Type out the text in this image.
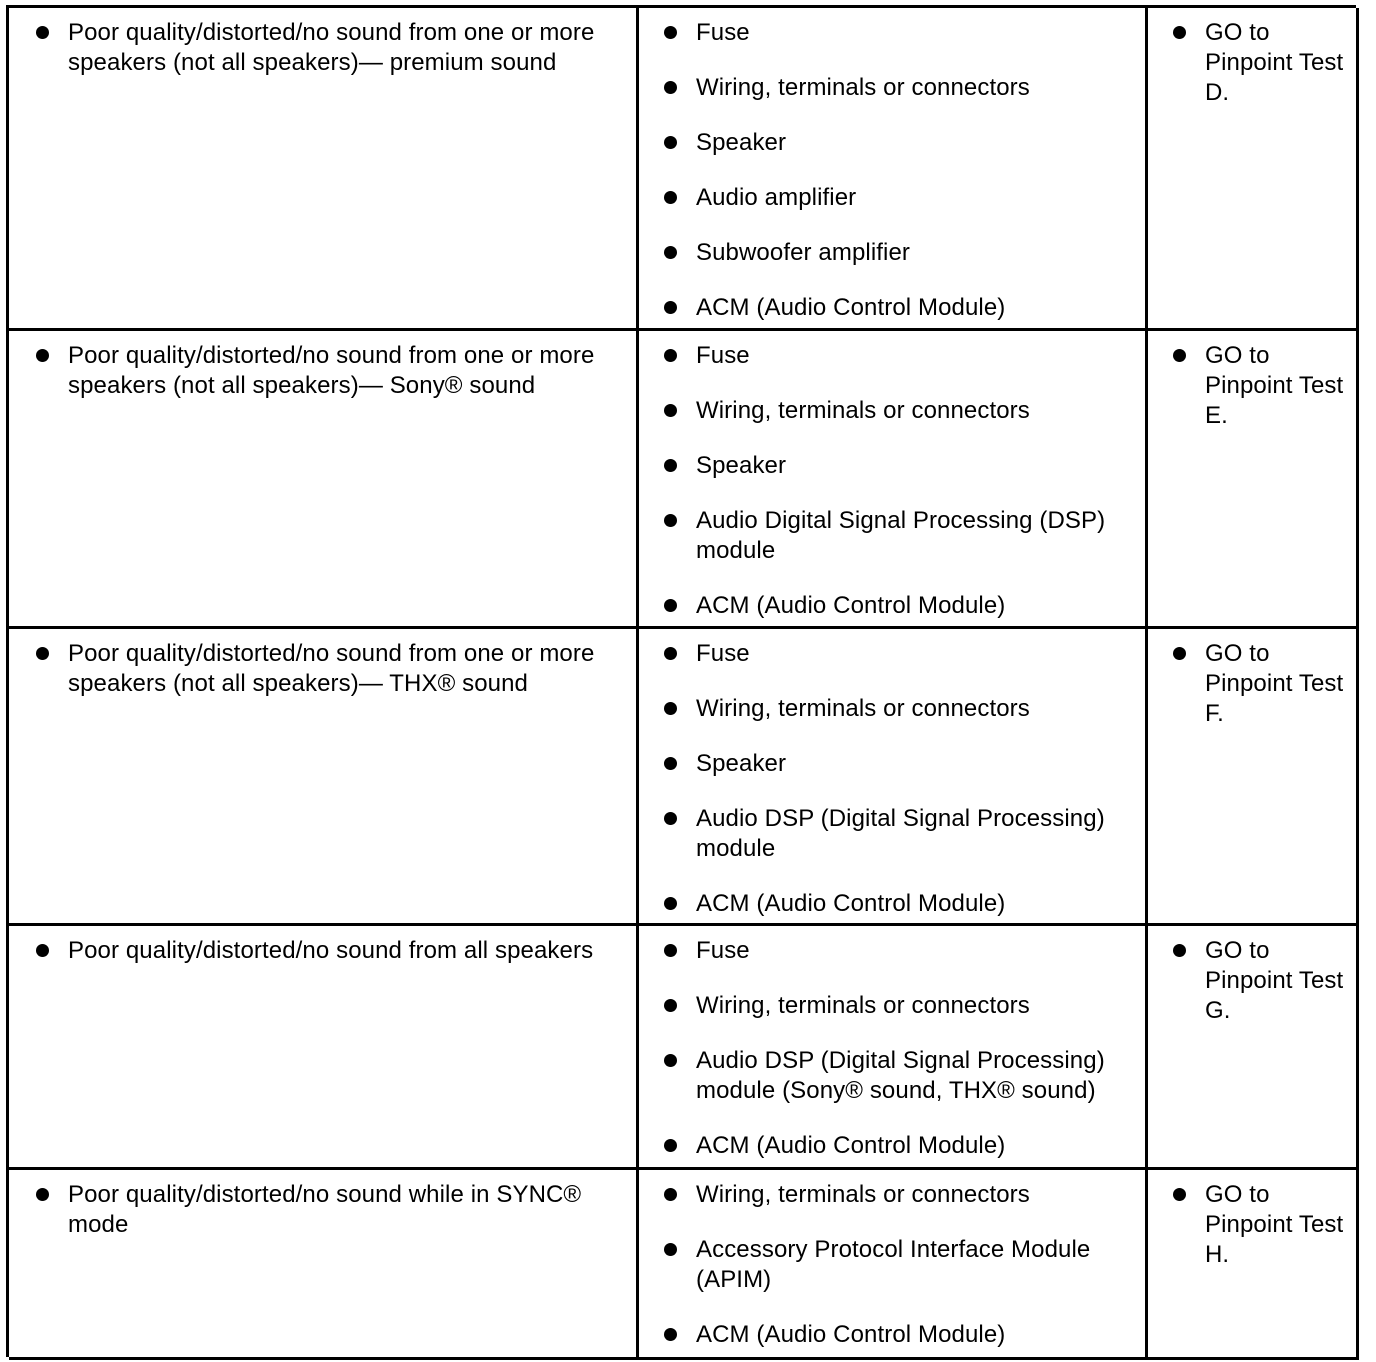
Poor quality/distorted/no sound from one or more speakers (not all speakers)— premium sound
Fuse
Wiring, terminals or connectors
Speaker
Audio amplifier
Subwoofer amplifier
ACM (Audio Control Module)
GO to Pinpoint Test D.
Poor quality/distorted/no sound from one or more speakers (not all speakers)— Sony® sound
Fuse
Wiring, terminals or connectors
Speaker
Audio Digital Signal Processing (DSP) module
ACM (Audio Control Module)
GO to Pinpoint Test E.
Poor quality/distorted/no sound from one or more speakers (not all speakers)— THX® sound
Fuse
Wiring, terminals or connectors
Speaker
Audio DSP (Digital Signal Processing) module
ACM (Audio Control Module)
GO to Pinpoint Test F.
Poor quality/distorted/no sound from all speakers	Fuse
Wiring, terminals or connectors
Audio DSP (Digital Signal Processing) module (Sony® sound, THX® sound)
ACM (Audio Control Module)
GO to Pinpoint Test G.
Poor quality/distorted/no sound while in SYNC® mode
Wiring, terminals or connectors
Accessory Protocol Interface Module (APIM)
ACM (Audio Control Module)
GO to Pinpoint Test H.
